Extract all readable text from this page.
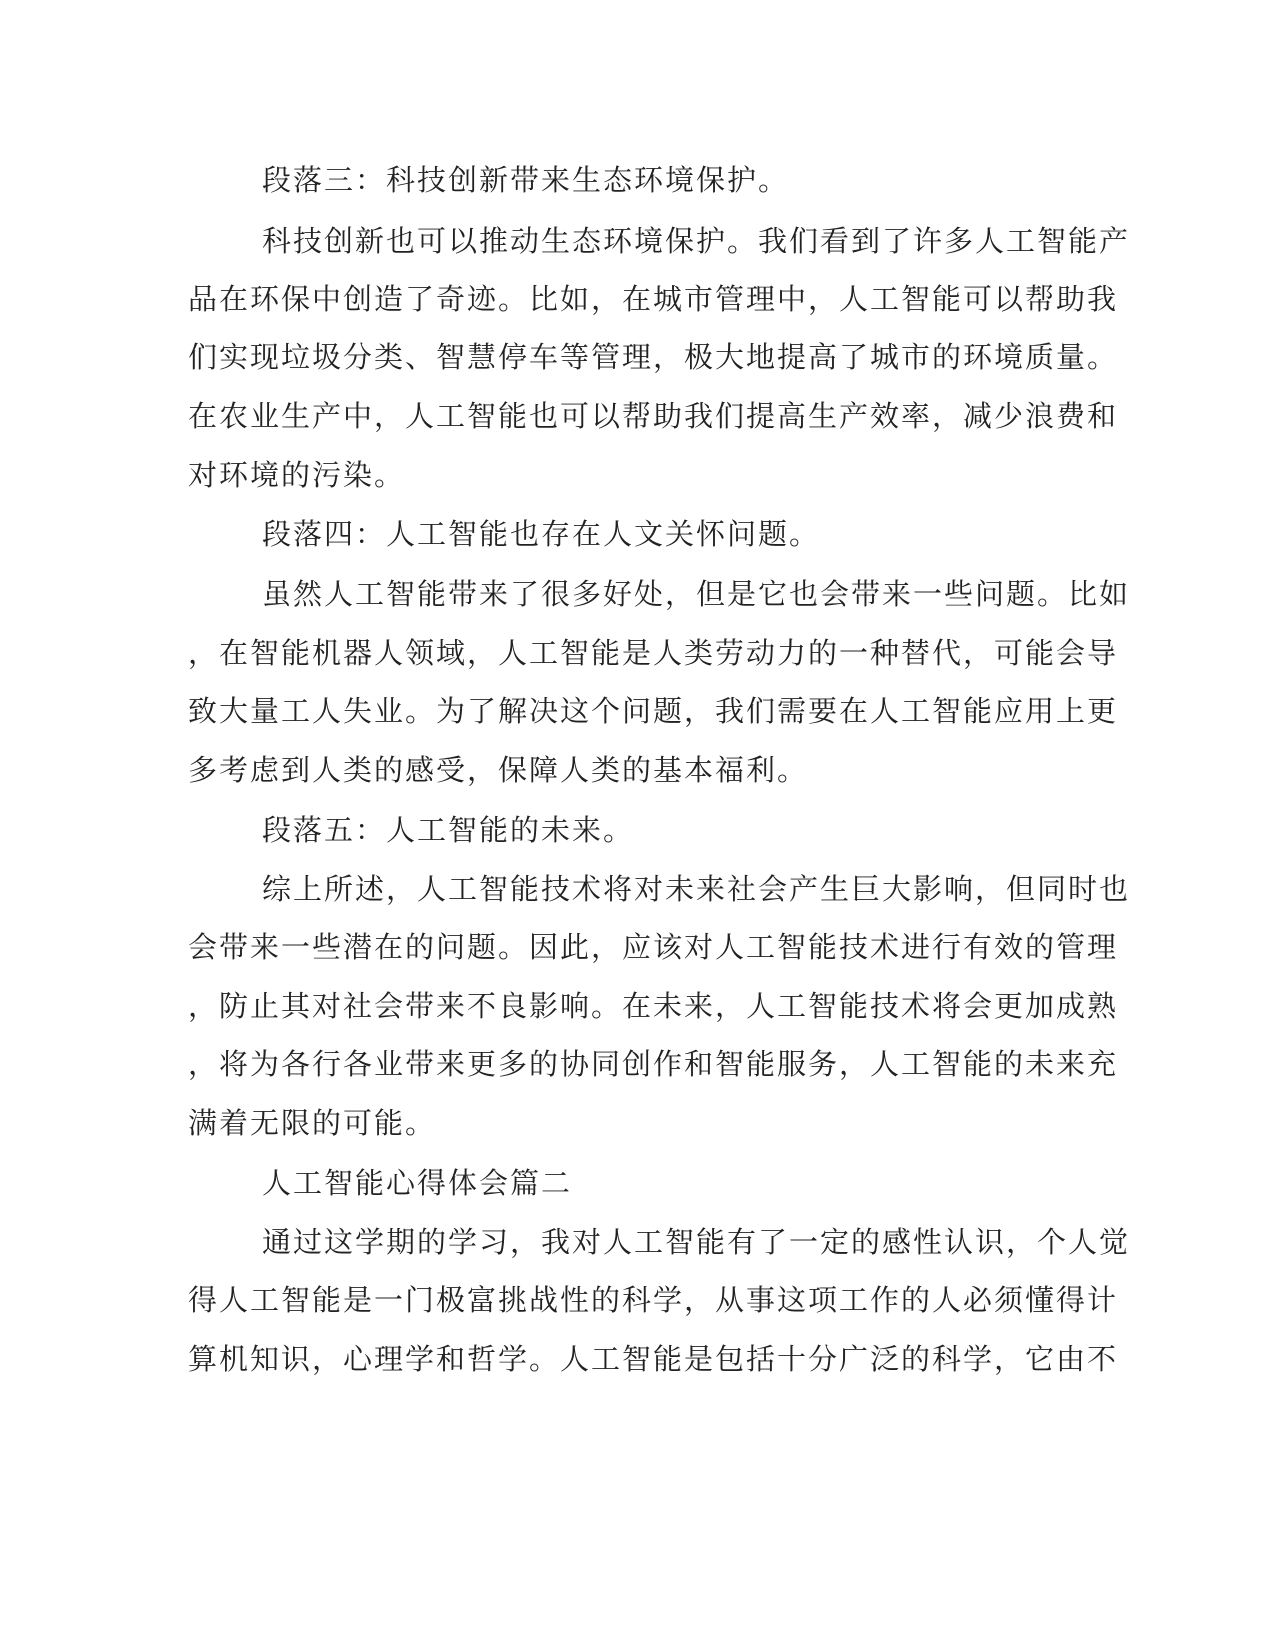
段落三：科技创新带来生态环境保护。
科技创新也可以推动生态环境保护。我们看到了许多人工智能产
品在环保中创造了奇迹。比如，在城市管理中，人工智能可以帮助我
们实现垃圾分类、智慧停车等管理，极大地提高了城市的环境质量。
在农业生产中，人工智能也可以帮助我们提高生产效率，减少浪费和
对环境的污染。
段落四：人工智能也存在人文关怀问题。
虽然人工智能带来了很多好处，但是它也会带来一些问题。比如
，在智能机器人领域，人工智能是人类劳动力的一种替代，可能会导
致大量工人失业。为了解决这个问题，我们需要在人工智能应用上更
多考虑到人类的感受，保障人类的基本福利。
段落五：人工智能的未来。
综上所述，人工智能技术将对未来社会产生巨大影响，但同时也
会带来一些潜在的问题。因此，应该对人工智能技术进行有效的管理
，防止其对社会带来不良影响。在未来，人工智能技术将会更加成熟
，将为各行各业带来更多的协同创作和智能服务，人工智能的未来充
满着无限的可能。
人工智能心得体会篇二
通过这学期的学习，我对人工智能有了一定的感性认识，个人觉
得人工智能是一门极富挑战性的科学，从事这项工作的人必须懂得计
算机知识，心理学和哲学。人工智能是包括十分广泛的科学，它由不
